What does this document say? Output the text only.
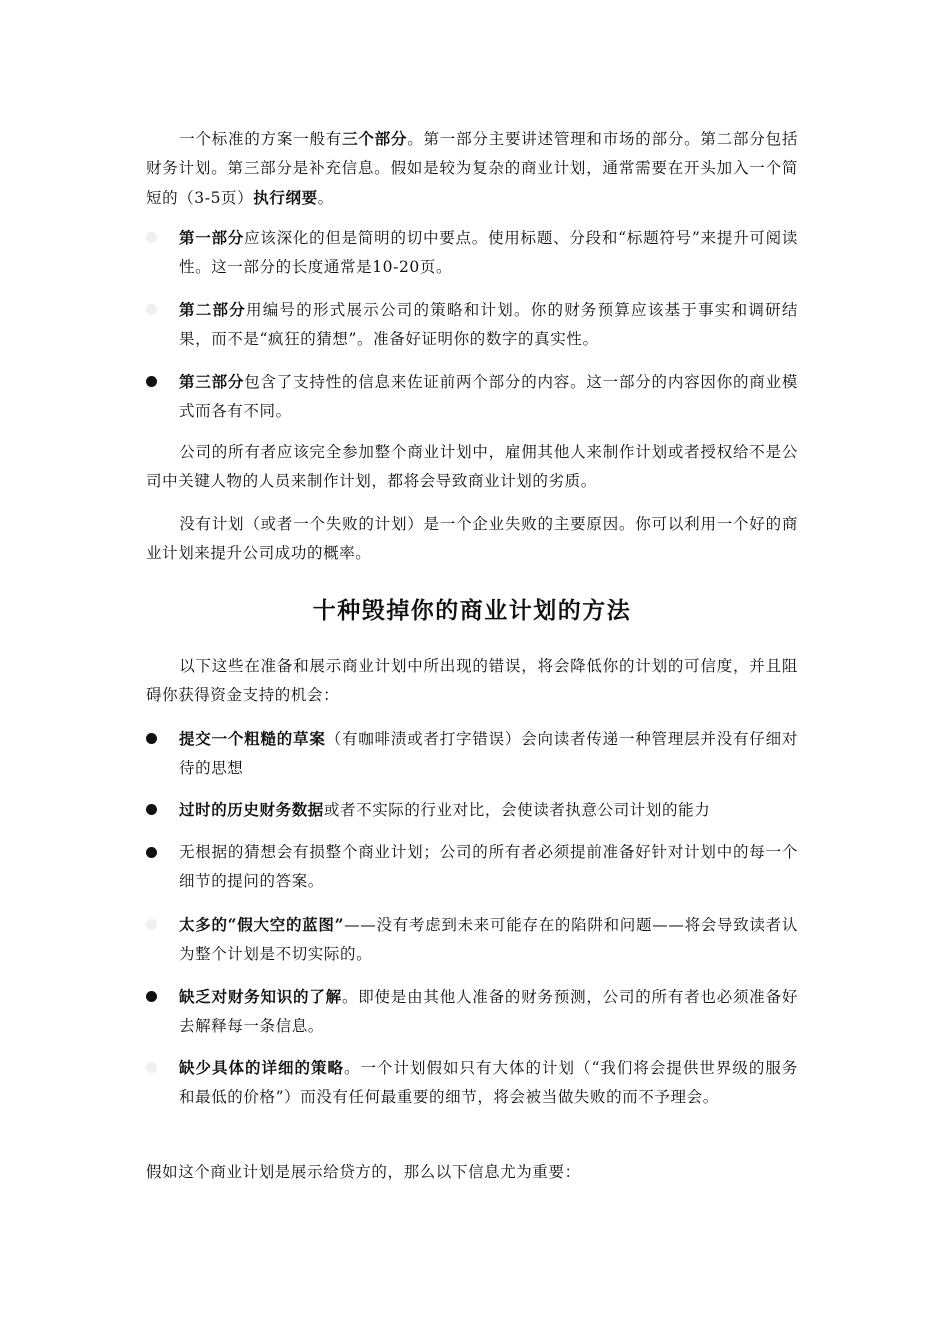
一个标准的方案一般有三个部分。第一部分主要讲述管理和市场的部分。第二部分包括财务计划。第三部分是补充信息。假如是较为复杂的商业计划，通常需要在开头加入一个简短的（3-5页）执行纲要。
第一部分应该深化的但是简明的切中要点。使用标题、分段和“标题符号”来提升可阅读性。这一部分的长度通常是10-20页。
第二部分用编号的形式展示公司的策略和计划。你的财务预算应该基于事实和调研结果，而不是“疯狂的猜想”。准备好证明你的数字的真实性。
第三部分包含了支持性的信息来佐证前两个部分的内容。这一部分的内容因你的商业模式而各有不同。
公司的所有者应该完全参加整个商业计划中，雇佣其他人来制作计划或者授权给不是公司中关键人物的人员来制作计划，都将会导致商业计划的劣质。
没有计划（或者一个失败的计划）是一个企业失败的主要原因。你可以利用一个好的商业计划来提升公司成功的概率。
十种毁掉你的商业计划的方法
以下这些在准备和展示商业计划中所出现的错误，将会降低你的计划的可信度，并且阻碍你获得资金支持的机会：
提交一个粗糙的草案（有咖啡渍或者打字错误）会向读者传递一种管理层并没有仔细对待的思想
过时的历史财务数据或者不实际的行业对比，会使读者执意公司计划的能力
无根据的猜想会有损整个商业计划；公司的所有者必须提前准备好针对计划中的每一个细节的提问的答案。
太多的“假大空的蓝图”——没有考虑到未来可能存在的陷阱和问题——将会导致读者认为整个计划是不切实际的。
缺乏对财务知识的了解。即使是由其他人准备的财务预测，公司的所有者也必须准备好去解释每一条信息。
缺少具体的详细的策略。一个计划假如只有大体的计划（“我们将会提供世界级的服务和最低的价格”）而没有任何最重要的细节，将会被当做失败的而不予理会。
假如这个商业计划是展示给贷方的，那么以下信息尤为重要：
